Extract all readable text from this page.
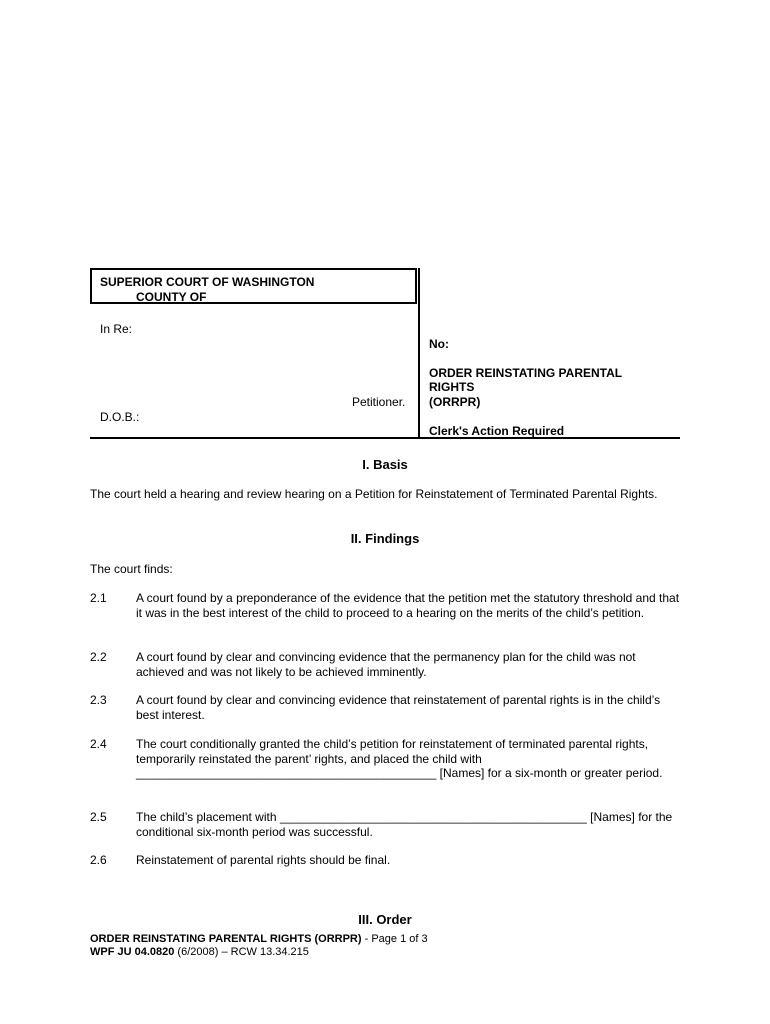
SUPERIOR COURT OF WASHINGTON
COUNTY OF ______________________
In Re:
Petitioner.
D.O.B.:
No:
ORDER REINSTATING PARENTAL
RIGHTS
(ORRPR)
Clerk's Action Required
I. Basis
The court held a hearing and review hearing on a Petition for Reinstatement of Terminated Parental Rights.
II. Findings
The court finds:
2.1 A court found by a preponderance of the evidence that the petition met the statutory threshold and that it was in the best interest of the child to proceed to a hearing on the merits of the child’s petition.
2.2 A court found by clear and convincing evidence that the permanency plan for the child was not achieved and was not likely to be achieved imminently.
2.3 A court found by clear and convincing evidence that reinstatement of parental rights is in the child’s best interest.
2.4 The court conditionally granted the child’s petition for reinstatement of terminated parental rights, temporarily reinstated the parent’ rights, and placed the child with _____________________________________________ [Names] for a six-month or greater period.
2.5 The child’s placement with ______________________________________________ [Names] for the conditional six-month period was successful.
2.6 Reinstatement of parental rights should be final.
III. Order
ORDER REINSTATING PARENTAL RIGHTS (ORRPR) - Page 1 of 3
WPF JU 04.0820 (6/2008) – RCW 13.34.215
